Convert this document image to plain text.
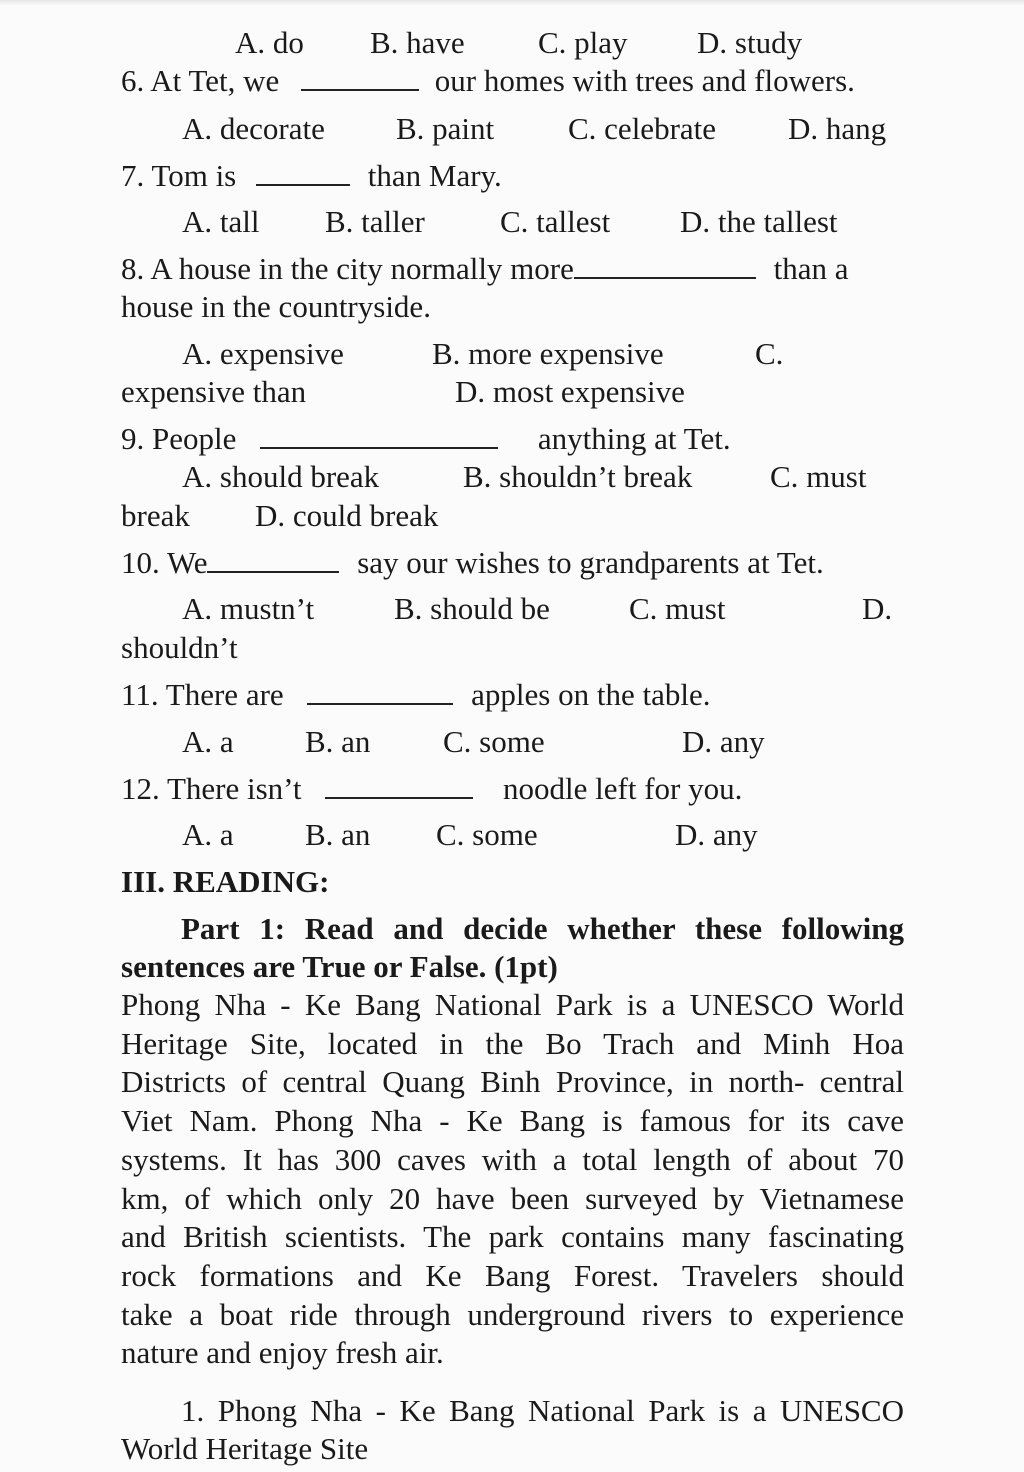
A. do B. have C. play D. study
6. At Tet, we	our homes with trees and flowers.
A. decorate B. paint C. celebrate D. hang
7. Tom is	than Mary.
A. tall B. taller C. tallest D. the tallest
8. A house in the city normally more	than a
house in the countryside.
A. expensive	B. more expensive	C.
expensive than	D. most expensive
9. People	anything at Tet.
A. should break	B. shouldn’t break	C. must
break D. could break
10. We	say our wishes to grandparents at Tet.
A. mustn’t	B. should be	C. must	D.
shouldn’t
11. There are	apples on the table.
A. a B. an C. some	D. any
12. There isn’t	noodle left for you.
A. a B. an C. some	D. any
III. READING:
Part 1: Read and decide whether these following
sentences are True or False. (1pt)
Phong Nha - Ke Bang National Park is a UNESCO World
Heritage Site, located in the Bo Trach and Minh Hoa
Districts of central Quang Binh Province, in north- central
Viet Nam. Phong Nha - Ke Bang is famous for its cave
systems. It has 300 caves with a total length of about 70
km, of which only 20 have been surveyed by Vietnamese
and British scientists. The park contains many fascinating
rock formations and Ke Bang Forest. Travelers should
take a boat ride through underground rivers to experience
nature and enjoy fresh air.
1. Phong Nha - Ke Bang National Park is a UNESCO
World Heritage Site
